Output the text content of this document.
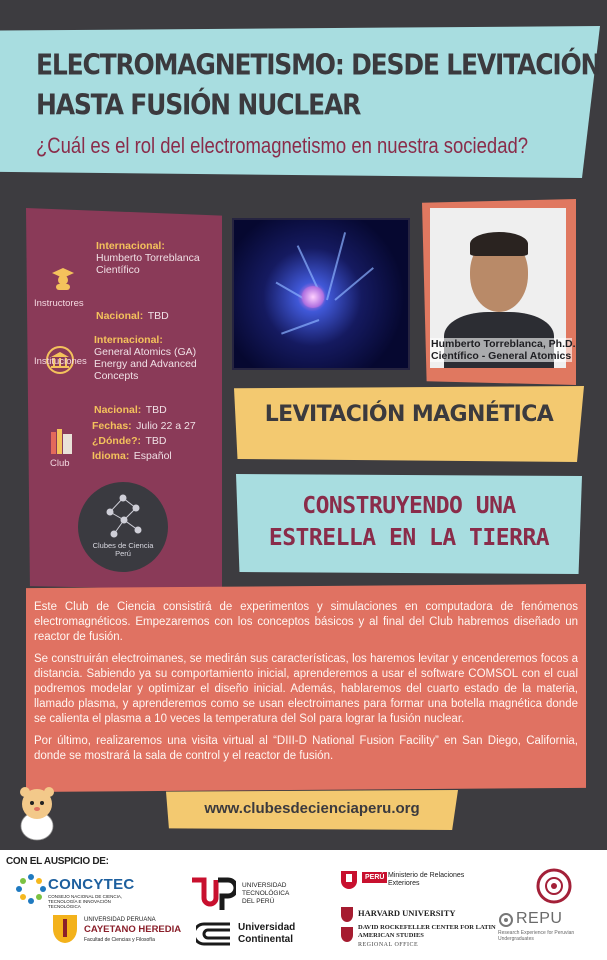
ELECTROMAGNETISMO: DESDE LEVITACIÓN
HASTA FUSIÓN NUCLEAR
¿Cuál es el rol del electromagnetismo en nuestra sociedad?
Instructores
Internacional:
Humberto Torreblanca Científico
Nacional: TBD
Instituciones
Internacional:
General Atomics (GA) Energy and Advanced Concepts
Nacional: TBD
Club
Fechas: Julio 22 a 27
¿Dónde?: TBD
Idioma: Español
Clubes de Ciencia Perú
Humberto Torreblanca, Ph.D.
Científico - General Atomics
LEVITACIÓN MAGNÉTICA
CONSTRUYENDO UNA
ESTRELLA EN LA TIERRA

Este Club de Ciencia consistirá de experimentos y simulaciones en computadora de fenómenos electromagnéticos. Empezaremos con los conceptos básicos y al final del Club habremos diseñado un reactor de fusión.

Se construirán electroimanes, se medirán sus características, los haremos levitar y encenderemos focos a distancia. Sabiendo ya su comportamiento inicial, aprenderemos a usar el software COMSOL con el cual podremos modelar y optimizar el diseño inicial. Además, hablaremos del cuarto estado de la materia, llamado plasma, y aprenderemos como se usan electroimanes para formar una botella magnética donde se calienta el plasma a 10 veces la temperatura del Sol para lograr la fusión nuclear.

Por último, realizaremos una visita virtual al “DIII-D National Fusion Facility” en San Diego, California, donde se mostrará la sala de control y el reactor de fusión.

www.clubesdecienciaperu.org
CON EL AUSPICIO DE:
CONCYTEC
CONSEJO NACIONAL DE CIENCIA, TECNOLOGÍA E INNOVACIÓN TECNOLÓGICA
UNIVERSIDAD TECNOLÓGICA DEL PERÚ
PERÚ Ministerio de Relaciones Exteriores
UNIVERSIDAD PERUANA
CAYETANO HEREDIA
Facultad de Ciencias y Filosofía
Universidad
Continental
HARVARD UNIVERSITY
DAVID ROCKEFELLER CENTER FOR LATIN AMERICAN STUDIES
REGIONAL OFFICE
REPU
Research Experience for Peruvian Undergraduates
